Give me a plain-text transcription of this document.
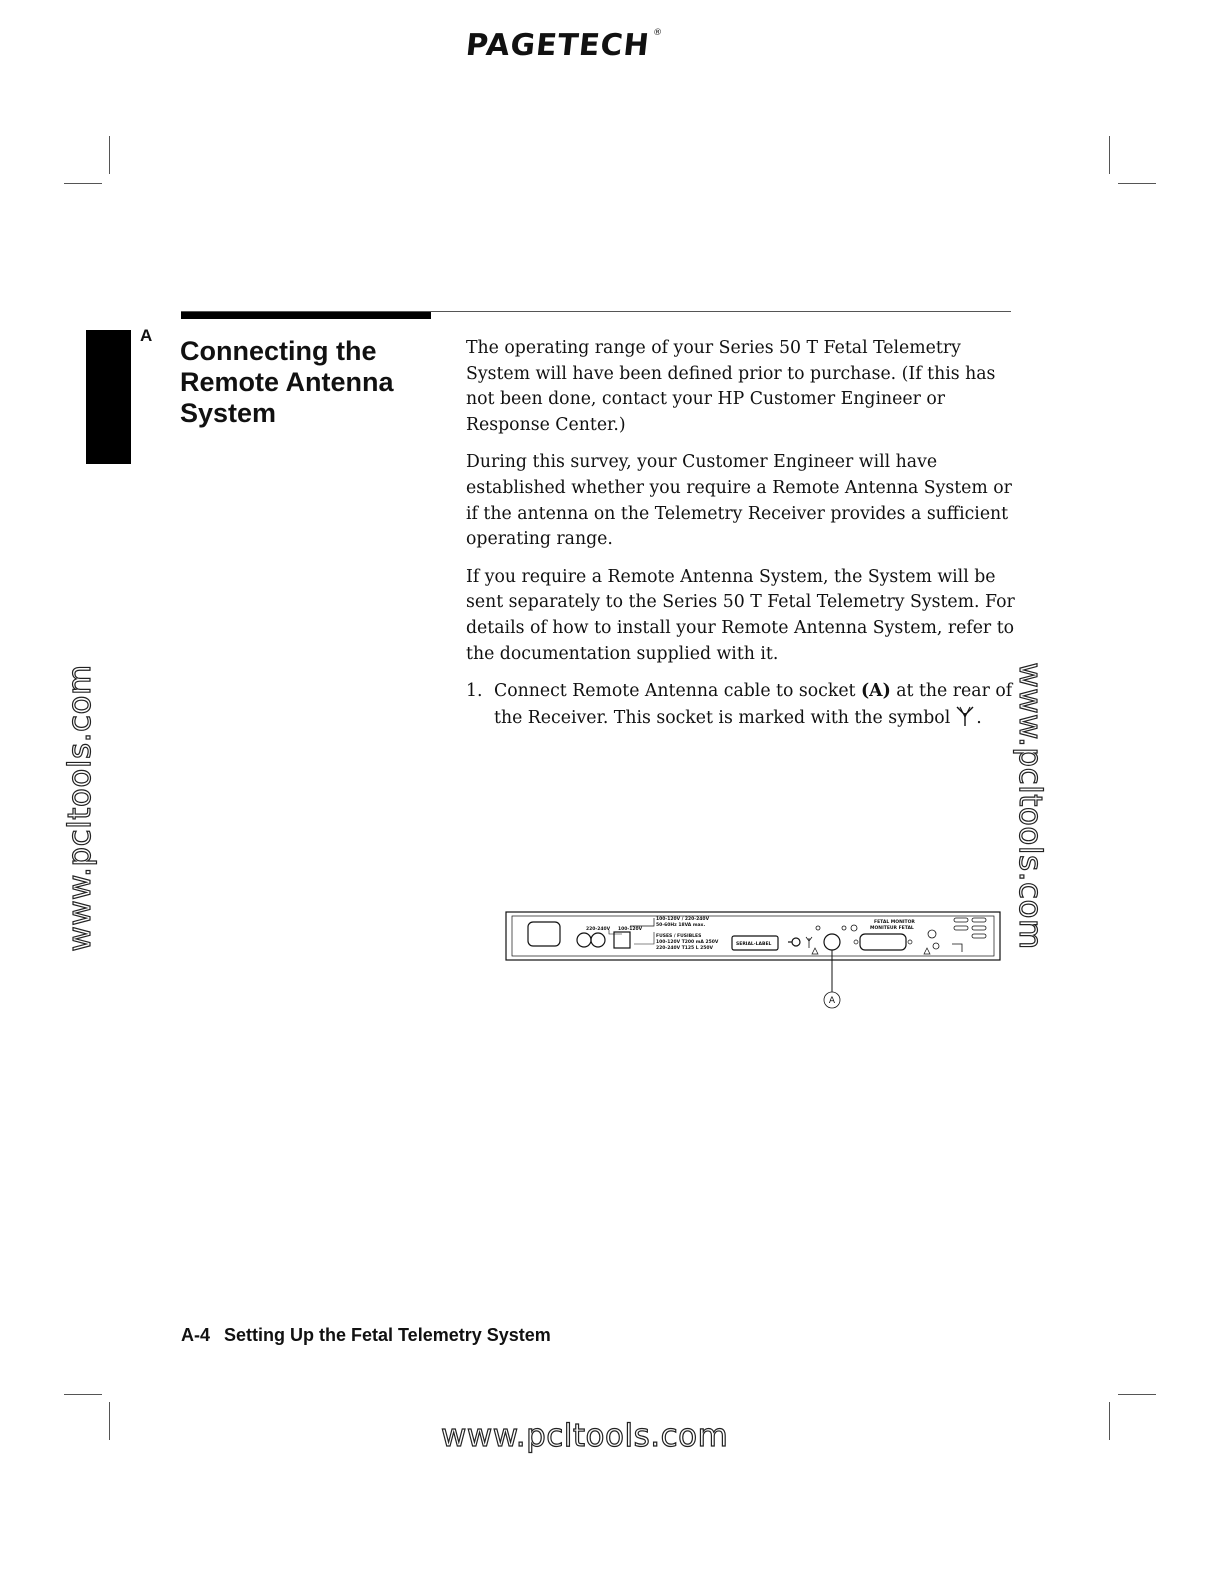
PAGETECH®
A
Connecting the Remote Antenna System

The operating range of your Series 50 T Fetal Telemetry System will have been defined prior to purchase. (If this has not been done, contact your HP Customer Engineer or Response Center.)

During this survey, your Customer Engineer will have established whether you require a Remote Antenna System or if the antenna on the Telemetry Receiver provides a sufficient operating range.

If you require a Remote Antenna System, the System will be sent separately to the Series 50 T Fetal Telemetry System. For details of how to install your Remote Antenna System, refer to the documentation supplied with it.

1. Connect Remote Antenna cable to socket (A) at the rear of the Receiver. This socket is marked with the symbol .
100-120V / 220-240V
50-60Hz 18VA max.
FUSES / FUSIBLES
100-120V T200 mA 250V
220-240V T125 L 250V
220-240V 100-120V
SERIAL-LABEL
FETAL MONITOR
MONITEUR FETAL
A
www.pcltools.com	www.pcltools.com
www.pcltools.com
A-4 Setting Up the Fetal Telemetry System
